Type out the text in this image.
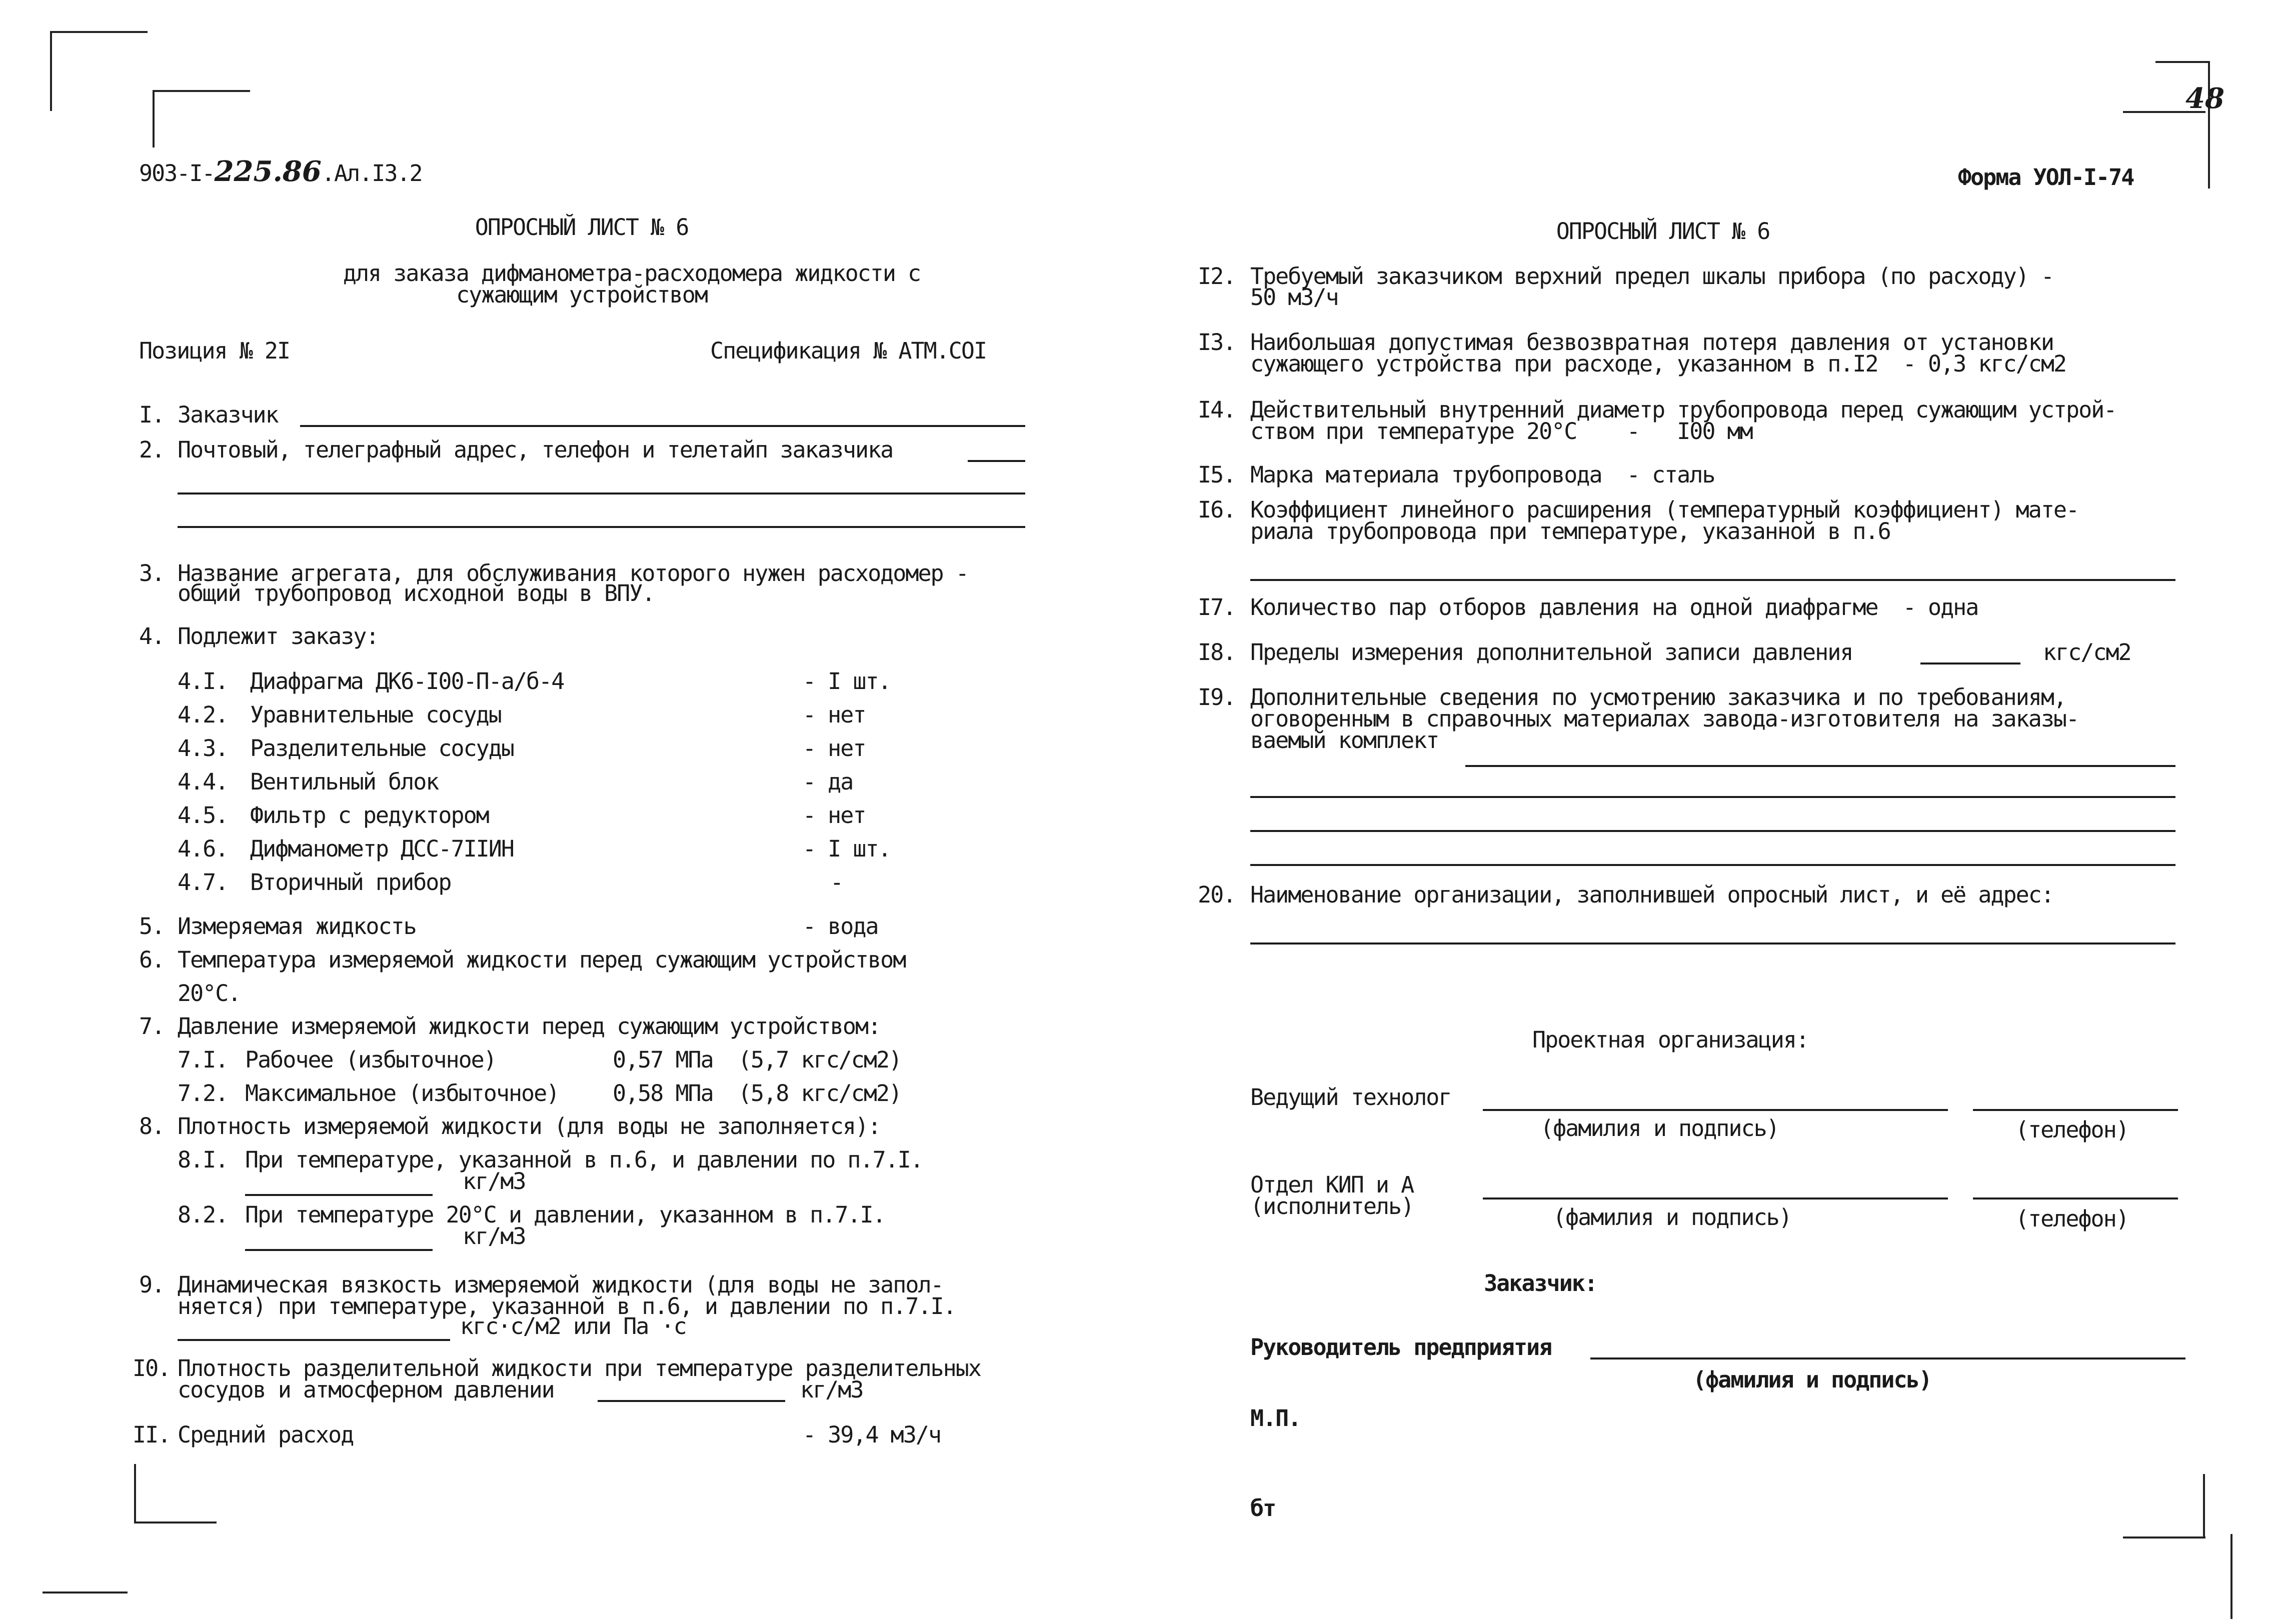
903-I-225.86.Ал.I3.2	Форма УОЛ-I-74
48
ОПРОСНЫЙ ЛИСТ № 6
для заказа дифманометра-расходомера жидкости с
сужающим устройством
Позиция № 2I	Спецификация № АТМ.СОI
I. Заказчик
2. Почтовый, телеграфный адрес, телефон и телетайп заказчика
3. Название агрегата, для обслуживания которого нужен расходомер -
общий трубопровод исходной воды в ВПУ.
4. Подлежит заказу:
4.I. Диафрагма ДК6-I00-П-а/б-4	- I шт.
4.2. Уравнительные сосуды	- нет
4.3. Разделительные сосуды	- нет
4.4. Вентильный блок	- да
4.5. Фильтр с редуктором	- нет
4.6. Дифманометр ДСС-7IIИН	- I шт.
4.7. Вторичный прибор	-
5. Измеряемая жидкость	- вода
6. Температура измеряемой жидкости перед сужающим устройством
20°С.
7. Давление измеряемой жидкости перед сужающим устройством:
7.I. Рабочее (избыточное)	0,57 МПа  (5,7 кгс/см2)
7.2. Максимальное (избыточное) 0,58 МПа  (5,8 кгс/см2)
8. Плотность измеряемой жидкости (для воды не заполняется):
8.I. При температуре, указанной в п.6, и давлении по п.7.I.
кг/м3
8.2. При температуре 20°С и давлении, указанном в п.7.I.
кг/м3
9. Динамическая вязкость измеряемой жидкости (для воды не запол-
няется) при температуре, указанной в п.6, и давлении по п.7.I.
кгс·с/м2 или Па ·с
I0. Плотность разделительной жидкости при температуре разделительных
сосудов и атмосферном давлении	кг/м3
II. Средний расход	- 39,4 м3/ч
ОПРОСНЫЙ ЛИСТ № 6
I2. Требуемый заказчиком верхний предел шкалы прибора (по расходу) -
50 м3/ч
I3. Наибольшая допустимая безвозвратная потеря давления от установки
сужающего устройства при расходе, указанном в п.I2  - 0,3 кгс/см2
I4. Действительный внутренний диаметр трубопровода перед сужающим устрой-
ством при температуре 20°С    -   I00 мм
I5. Марка материала трубопровода  - сталь
I6. Коэффициент линейного расширения (температурный коэффициент) мате-
риала трубопровода при температуре, указанной в п.6
I7. Количество пар отборов давления на одной диафрагме  - одна
I8. Пределы измерения дополнительной записи давления	кгс/см2
I9. Дополнительные сведения по усмотрению заказчика и по требованиям,
оговоренным в справочных материалах завода-изготовителя на заказы-
ваемый комплект
20. Наименование организации, заполнившей опросный лист, и её адрес:
Проектная организация:
Ведущий технолог
(фамилия и подпись)	(телефон)
Отдел КИП и А
(исполнитель)	(фамилия и подпись)	(телефон)
Заказчик:
Руководитель предприятия
(фамилия и подпись)
М.П.
бт
